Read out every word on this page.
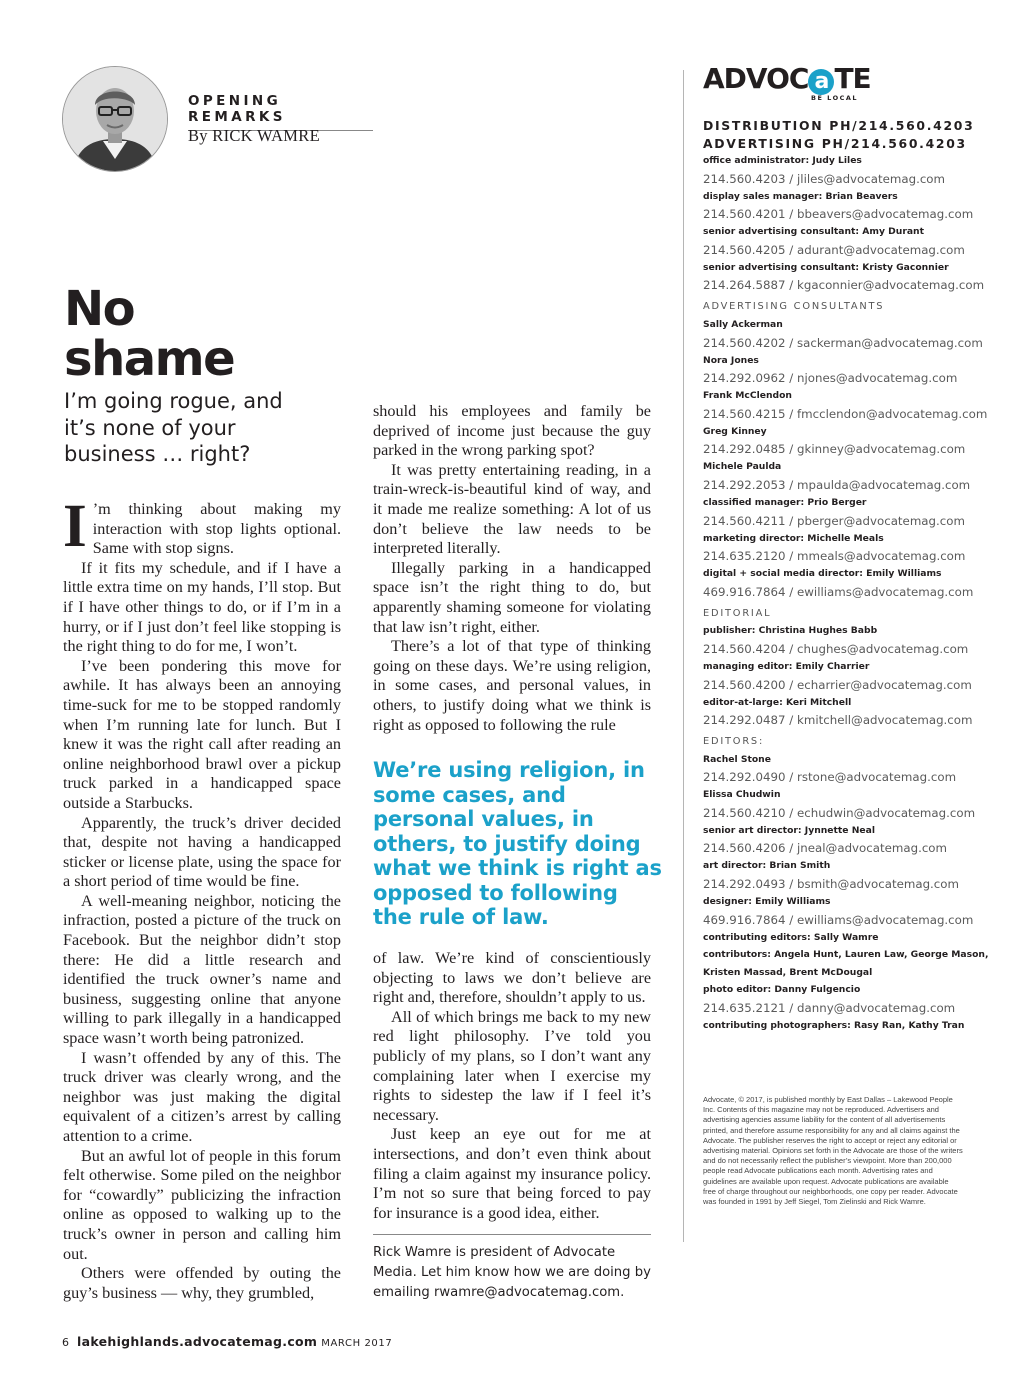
OPENING REMARKS
By RICK WAMRE
No
shame
I’m going rogue, and it’s none of your business … right?

I ’m thinking about making my interaction with stop lights optional. Same with stop signs.

If it fits my schedule, and if I have a little extra time on my hands, I’ll stop. But if I have other things to do, or if I’m in a hurry, or if I just don’t feel like stopping is the right thing to do for me, I won’t.

I’ve been pondering this move for awhile. It has always been an annoying time-suck for me to be stopped randomly when I’m running late for lunch. But I knew it was the right call after reading an online neighborhood brawl over a pickup truck parked in a handicapped space outside a Starbucks.

Apparently, the truck’s driver decided that, despite not having a handicapped sticker or license plate, using the space for a short period of time would be fine.

A well-meaning neighbor, noticing the infraction, posted a picture of the truck on Facebook. But the neighbor didn’t stop there: He did a little research and identified the truck owner’s name and business, suggesting online that anyone willing to park illegally in a handicapped space wasn’t worth being patronized.

I wasn’t offended by any of this. The truck driver was clearly wrong, and the neighbor was just making the digital equivalent of a citizen’s arrest by calling attention to a crime.

But an awful lot of people in this forum felt otherwise. Some piled on the neighbor for “cowardly” publicizing the infraction online as opposed to walking up to the truck’s owner in person and calling him out.

Others were offended by outing the guy’s business — why, they grumbled,

should his employees and family be deprived of income just because the guy parked in the wrong parking spot?

It was pretty entertaining reading, in a train-wreck-is-beautiful kind of way, and it made me realize something: A lot of us don’t believe the law needs to be interpreted literally.

Illegally parking in a handicapped space isn’t the right thing to do, but apparently shaming someone for violating that law isn’t right, either.

There’s a lot of that type of thinking going on these days. We’re using religion, in some cases, and personal values, in others, to justify doing what we think is right as opposed to following the rule

We’re using religion, in some cases, and personal values, in others, to justify doing what we think is right as opposed to following the rule of law.

of law. We’re kind of conscientiously objecting to laws we don’t believe are right and, therefore, shouldn’t apply to us.

All of which brings me back to my new red light philosophy. I’ve told you publicly of my plans, so I don’t want any complaining later when I exercise my rights to sidestep the law if I feel it’s necessary.

Just keep an eye out for me at intersections, and don’t even think about filing a claim against my insurance policy. I’m not so sure that being forced to pay for insurance is a good idea, either.

Rick Wamre is president of Advocate Media. Let him know how we are doing by emailing rwamre@advocatemag.com.
ADVOC a TE
BE LOCAL
DISTRIBUTION PH/214.560.4203
ADVERTISING PH/214.560.4203
office administrator: Judy Liles
214.560.4203 / jliles@advocatemag.com
display sales manager: Brian Beavers
214.560.4201 / bbeavers@advocatemag.com
senior advertising consultant: Amy Durant
214.560.4205 / adurant@advocatemag.com
senior advertising consultant: Kristy Gaconnier
214.264.5887 / kgaconnier@advocatemag.com
ADVERTISING CONSULTANTS
Sally Ackerman
214.560.4202 / sackerman@advocatemag.com
Nora Jones
214.292.0962 / njones@advocatemag.com
Frank McClendon
214.560.4215 / fmcclendon@advocatemag.com
Greg Kinney
214.292.0485 / gkinney@advocatemag.com
Michele Paulda
214.292.2053 / mpaulda@advocatemag.com
classified manager: Prio Berger
214.560.4211 / pberger@advocatemag.com
marketing director: Michelle Meals
214.635.2120 / mmeals@advocatemag.com
digital + social media director: Emily Williams
469.916.7864 / ewilliams@advocatemag.com
EDITORIAL
publisher: Christina Hughes Babb
214.560.4204 / chughes@advocatemag.com
managing editor: Emily Charrier
214.560.4200 / echarrier@advocatemag.com
editor-at-large: Keri Mitchell
214.292.0487 / kmitchell@advocatemag.com
EDITORS:
Rachel Stone
214.292.0490 / rstone@advocatemag.com
Elissa Chudwin
214.560.4210 / echudwin@advocatemag.com
senior art director: Jynnette Neal
214.560.4206 / jneal@advocatemag.com
art director: Brian Smith
214.292.0493 / bsmith@advocatemag.com
designer: Emily Williams
469.916.7864 / ewilliams@advocatemag.com
contributing editors: Sally Wamre
contributors: Angela Hunt, Lauren Law, George Mason,
Kristen Massad, Brent McDougal
photo editor: Danny Fulgencio
214.635.2121 / danny@advocatemag.com
contributing photographers: Rasy Ran, Kathy Tran
Advocate, © 2017, is published monthly by East Dallas – Lakewood People Inc. Contents of this magazine may not be reproduced. Advertisers and advertising agencies assume liability for the content of all advertisements printed, and therefore assume responsibility for any and all claims against the Advocate. The publisher reserves the right to accept or reject any editorial or advertising material. Opinions set forth in the Advocate are those of the writers and do not necessarily reflect the publisher’s viewpoint. More than 200,000 people read Advocate publications each month. Advertising rates and guidelines are available upon request. Advocate publications are available free of charge throughout our neighborhoods, one copy per reader. Advocate was founded in 1991 by Jeff Siegel, Tom Zielinski and Rick Wamre.
6 lakehighlands.advocatemag.com MARCH 2017
